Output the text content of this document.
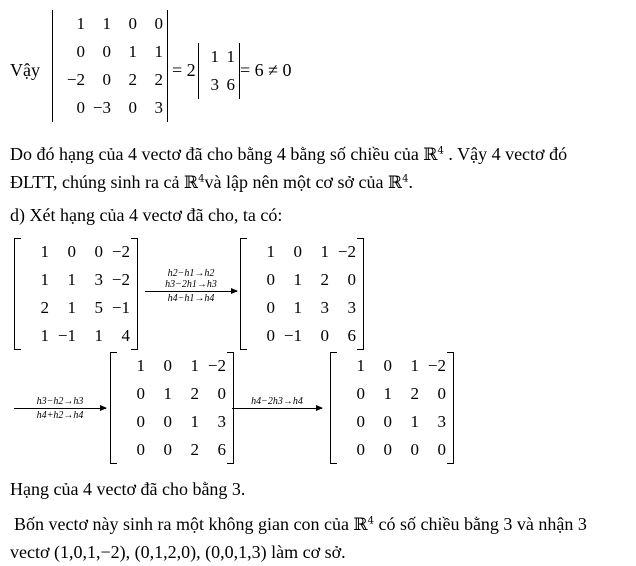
Vậy
1	1	0	0
0	0	1	1
−2	0	2	2
0	−3	0	3
= 2
1	1
3	6
= 6 ≠ 0
Do đó hạng của 4 vectơ đã cho bằng 4 bằng số chiều của ℝ$^4$ . Vậy 4 vectơ đó
ĐLTT, chúng sinh ra cả ℝ$^4$và lập nên một cơ sở của ℝ$^4$.
d) Xét hạng của 4 vectơ đã cho, ta có:
1	0	0	−2
1	1	3	−2
2	1	5	−1
1	−1	1	4
h2−h1→h2
h3−2h1→h3
h4−h1→h4
1	0	1	−2
0	1	2	0
0	1	3	3
0	−1	0	6
h3−h2→h3
h4+h2→h4
1	0	1	−2
0	1	2	0
0	0	1	3
0	0	2	6
h4−2h3→h4
1	0	1	−2
0	1	2	0
0	0	1	3
0	0	0	0
Hạng của 4 vectơ đã cho bằng 3.
Bốn vectơ này sinh ra một không gian con của ℝ$^4$ có số chiều bằng 3 và nhận 3
vectơ (1,0,1,−2), (0,1,2,0), (0,0,1,3) làm cơ sở.
